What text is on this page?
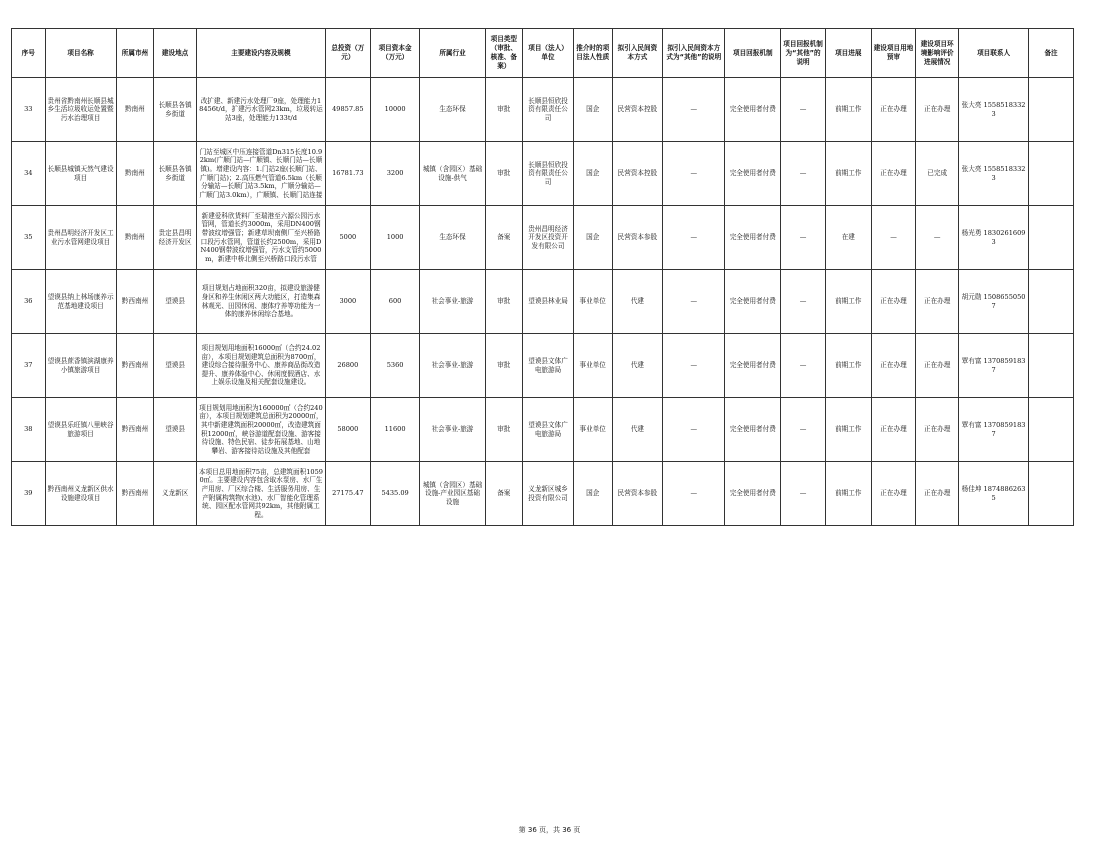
序号	项目名称	所属市州	建设地点	主要建设内容及规模	总投资（万元）	项目资本金（万元）	所属行业	项目类型（审批、核准、备案）	项目（法人）单位	推介时的项目法人性质	拟引入民间资本方式	拟引入民间资本方式为“其他”的说明	项目回报机制	项目回报机制为“其他”的说明	项目进展	建设项目用地预审	建设项目环境影响评价进展情况	项目联系人	备注
33	贵州省黔南州长顺县城乡生活垃圾收运处置暨污水治理项目	黔南州	长顺县各镇乡街道	改扩建、新建污水处理厂9座，处理能力18456t/d，扩建污水管网23km，垃圾转运站3座，处理能力133t/d	49857.85	10000	生态环保	审批	长顺县恒欣投资有限责任公司	国企	民营资本控股	—	完全使用者付费	—	前期工作	正在办理	正在办理	张大亮 15585183323	
34	长顺县城镇天然气建设项目	黔南州	长顺县各镇乡街道	门站至城区中压连接管道Dn315长度10.92km(广顺门站—广顺镇、长顺门站—长顺镇)。增建设内容：1.门站2座(长顺门站、广顺门站)；2.高压燃气管道6.5km（长顺分输站—长顺门站3.5km，广顺分输站—广顺门站3.0km），广顺镇、长顺门站连接	16781.73	3200	城镇（含园区）基础设施-供气	审批	长顺县恒欣投资有限责任公司	国企	民营资本控股	—	完全使用者付费	—	前期工作	正在办理	已完成	张大亮 15585183323	
35	贵州昌明经济开发区工业污水管网建设项目	黔南州	贵定县昌明经济开发区	新建爱科欣货料厂至瑞港至六源公园污水管网，管道长约3000m，采用DN400钢带波纹增强管；新建草坝南侧厂至兴桥路口段污水管网，管道长约2500m，采用DN400钢带波纹增强管，污水支管约5000m，新建中桥北侧至兴桥路口段污水管	5000	1000	生态环保	备案	贵州昌明经济开发区投资开发有限公司	国企	民营资本参股	—	完全使用者付费	—	在建	—	—	杨光勇 18302616093	
36	望谟县纳上林场康养示范基地建设项目	黔西南州	望谟县	项目规划占地面积320亩，拟建设旅游健身区和养生休闲区两大功能区，打造集森林观光、田园休闲、康体疗养等功能为一体的康养休闲综合基地。	3000	600	社会事业-旅游	审批	望谟县林业局	事业单位	代建	—	完全使用者付费	—	前期工作	正在办理	正在办理	胡元勋 15086550507	
37	望谟县蔗香镇滨湖康养小镇旅游项目	黔西南州	望谟县	项目规划用地面积16000㎡（合约24.02亩），本项目规划建筑总面积为8700㎡，建设综合接待服务中心、康养商品街改造提升、康养体验中心、休闲度假酒店、水上娱乐设施及相关配套设施建设。	26800	5360	社会事业-旅游	审批	望谟县文体广电旅游局	事业单位	代建	—	完全使用者付费	—	前期工作	正在办理	正在办理	覃有富 13708591837	
38	望谟县乐旺镇八里峡谷旅游项目	黔西南州	望谟县	项目规划用地面积为160000㎡（合约240亩），本项目规划建筑总面积为20000㎡，其中新建建筑面积20000㎡，改造建筑面积12000㎡，峡谷游道配套设施、游客接待设施、特色民宿、徒步拓展基地、山地攀岩、游客接待站设施及其他配套	58000	11600	社会事业-旅游	审批	望谟县文体广电旅游局	事业单位	代建	—	完全使用者付费	—	前期工作	正在办理	正在办理	覃有富 13708591837	
39	黔西南州义龙新区供水设施建设项目	黔西南州	义龙新区	本项目总用地面积75亩，总建筑面积10590㎡。主要建设内容包含取水泵房、水厂生产用房、厂区综合楼、生活服务用房、生产附属构筑物(水池)、水厂智能化管理系统、园区配水管网共92km，其他附属工程。	27175.47	5435.09	城镇（含园区）基础设施-产业园区基础设施	备案	义龙新区城乡投资有限公司	国企	民营资本参股	—	完全使用者付费	—	前期工作	正在办理	正在办理	杨佳坤 18748862635	
第 36 页，共 36 页
